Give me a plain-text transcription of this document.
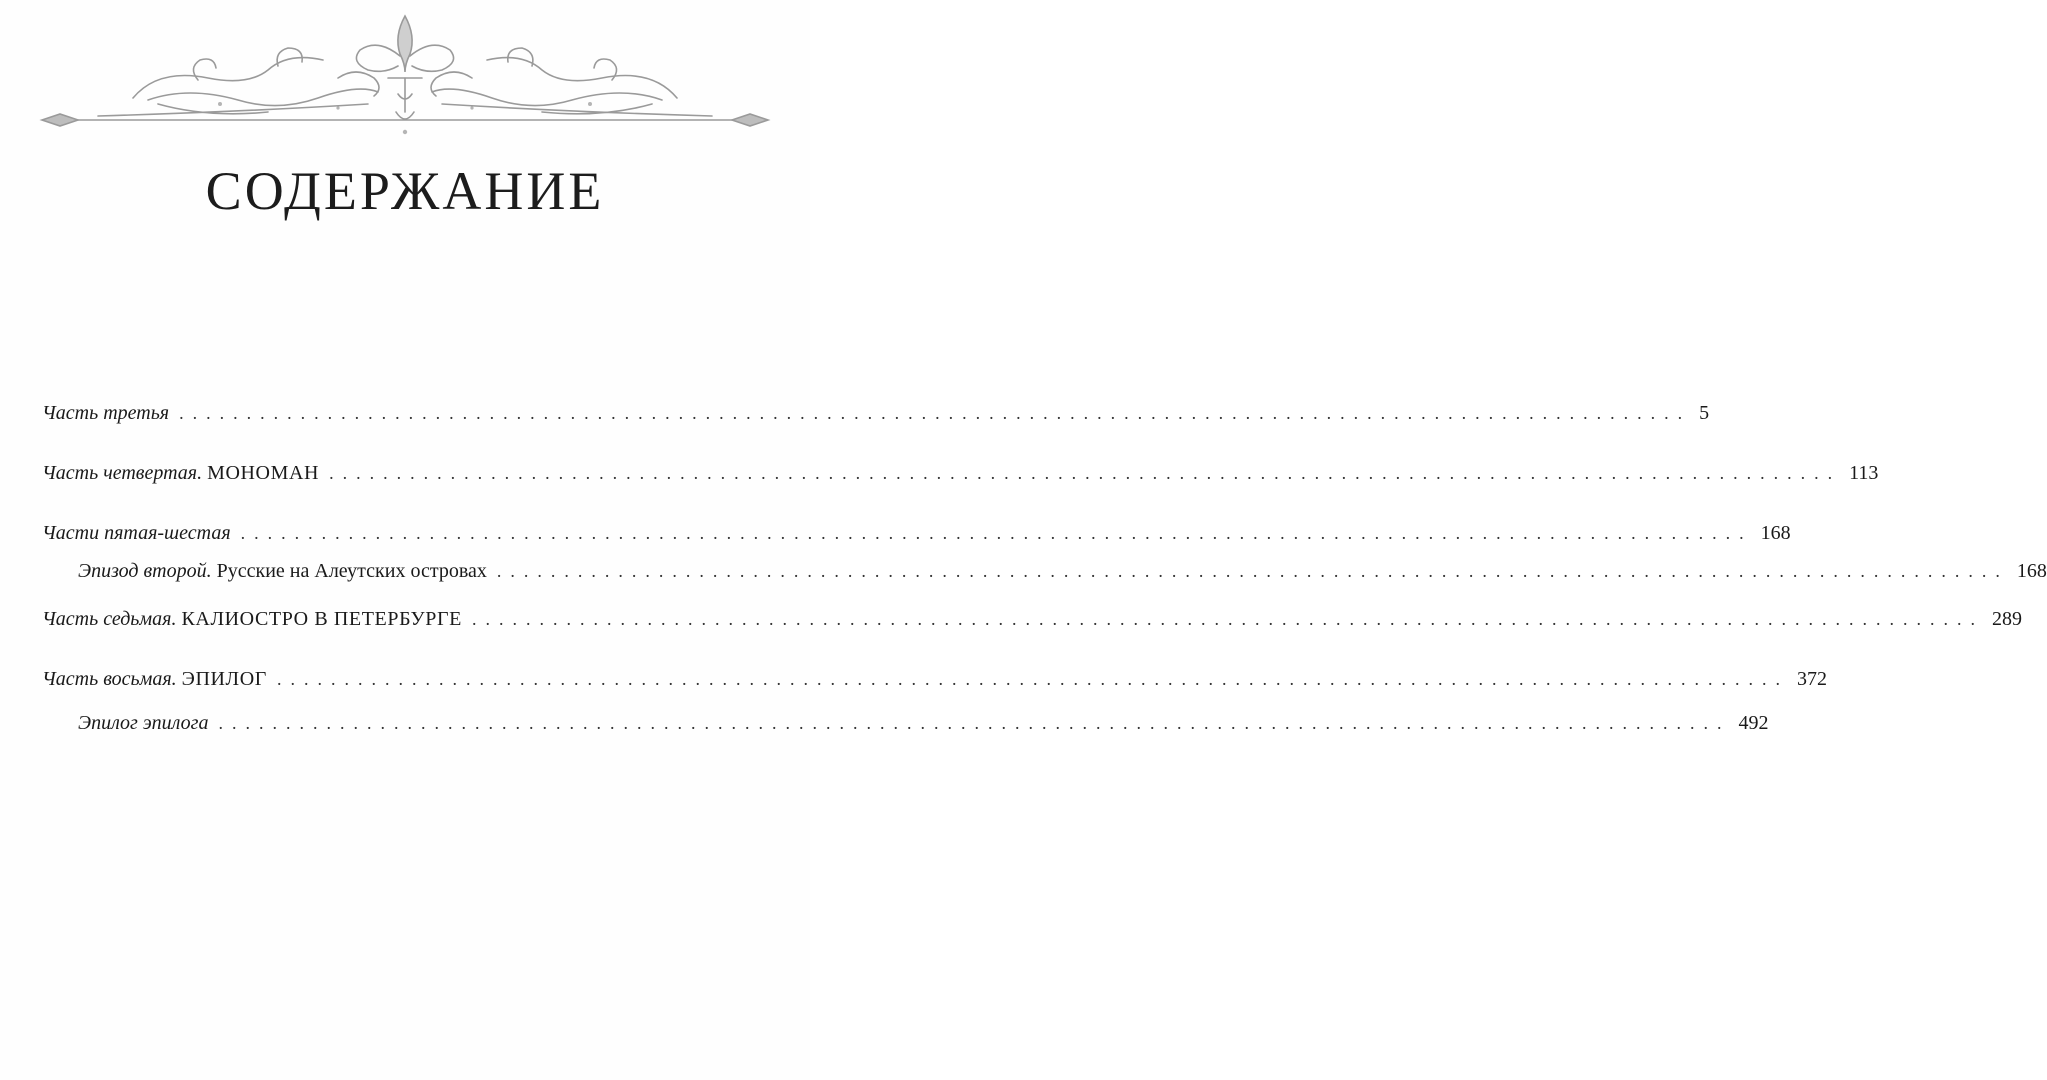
СОДЕРЖАНИЕ
Часть третья ................................................................................................................ 5
Часть четвертая.
МОНОМАН ................................................................................................................ 113
Части пятая-шестая ................................................................................................................ 168
Эпизод второй.
Русские на Алеутских островах ................................................................................................................ 168
Часть седьмая.
КАЛИОСТРО В ПЕТЕРБУРГЕ ................................................................................................................ 289
Часть восьмая.
ЭПИЛОГ ................................................................................................................ 372
Эпилог эпилога ................................................................................................................ 492
